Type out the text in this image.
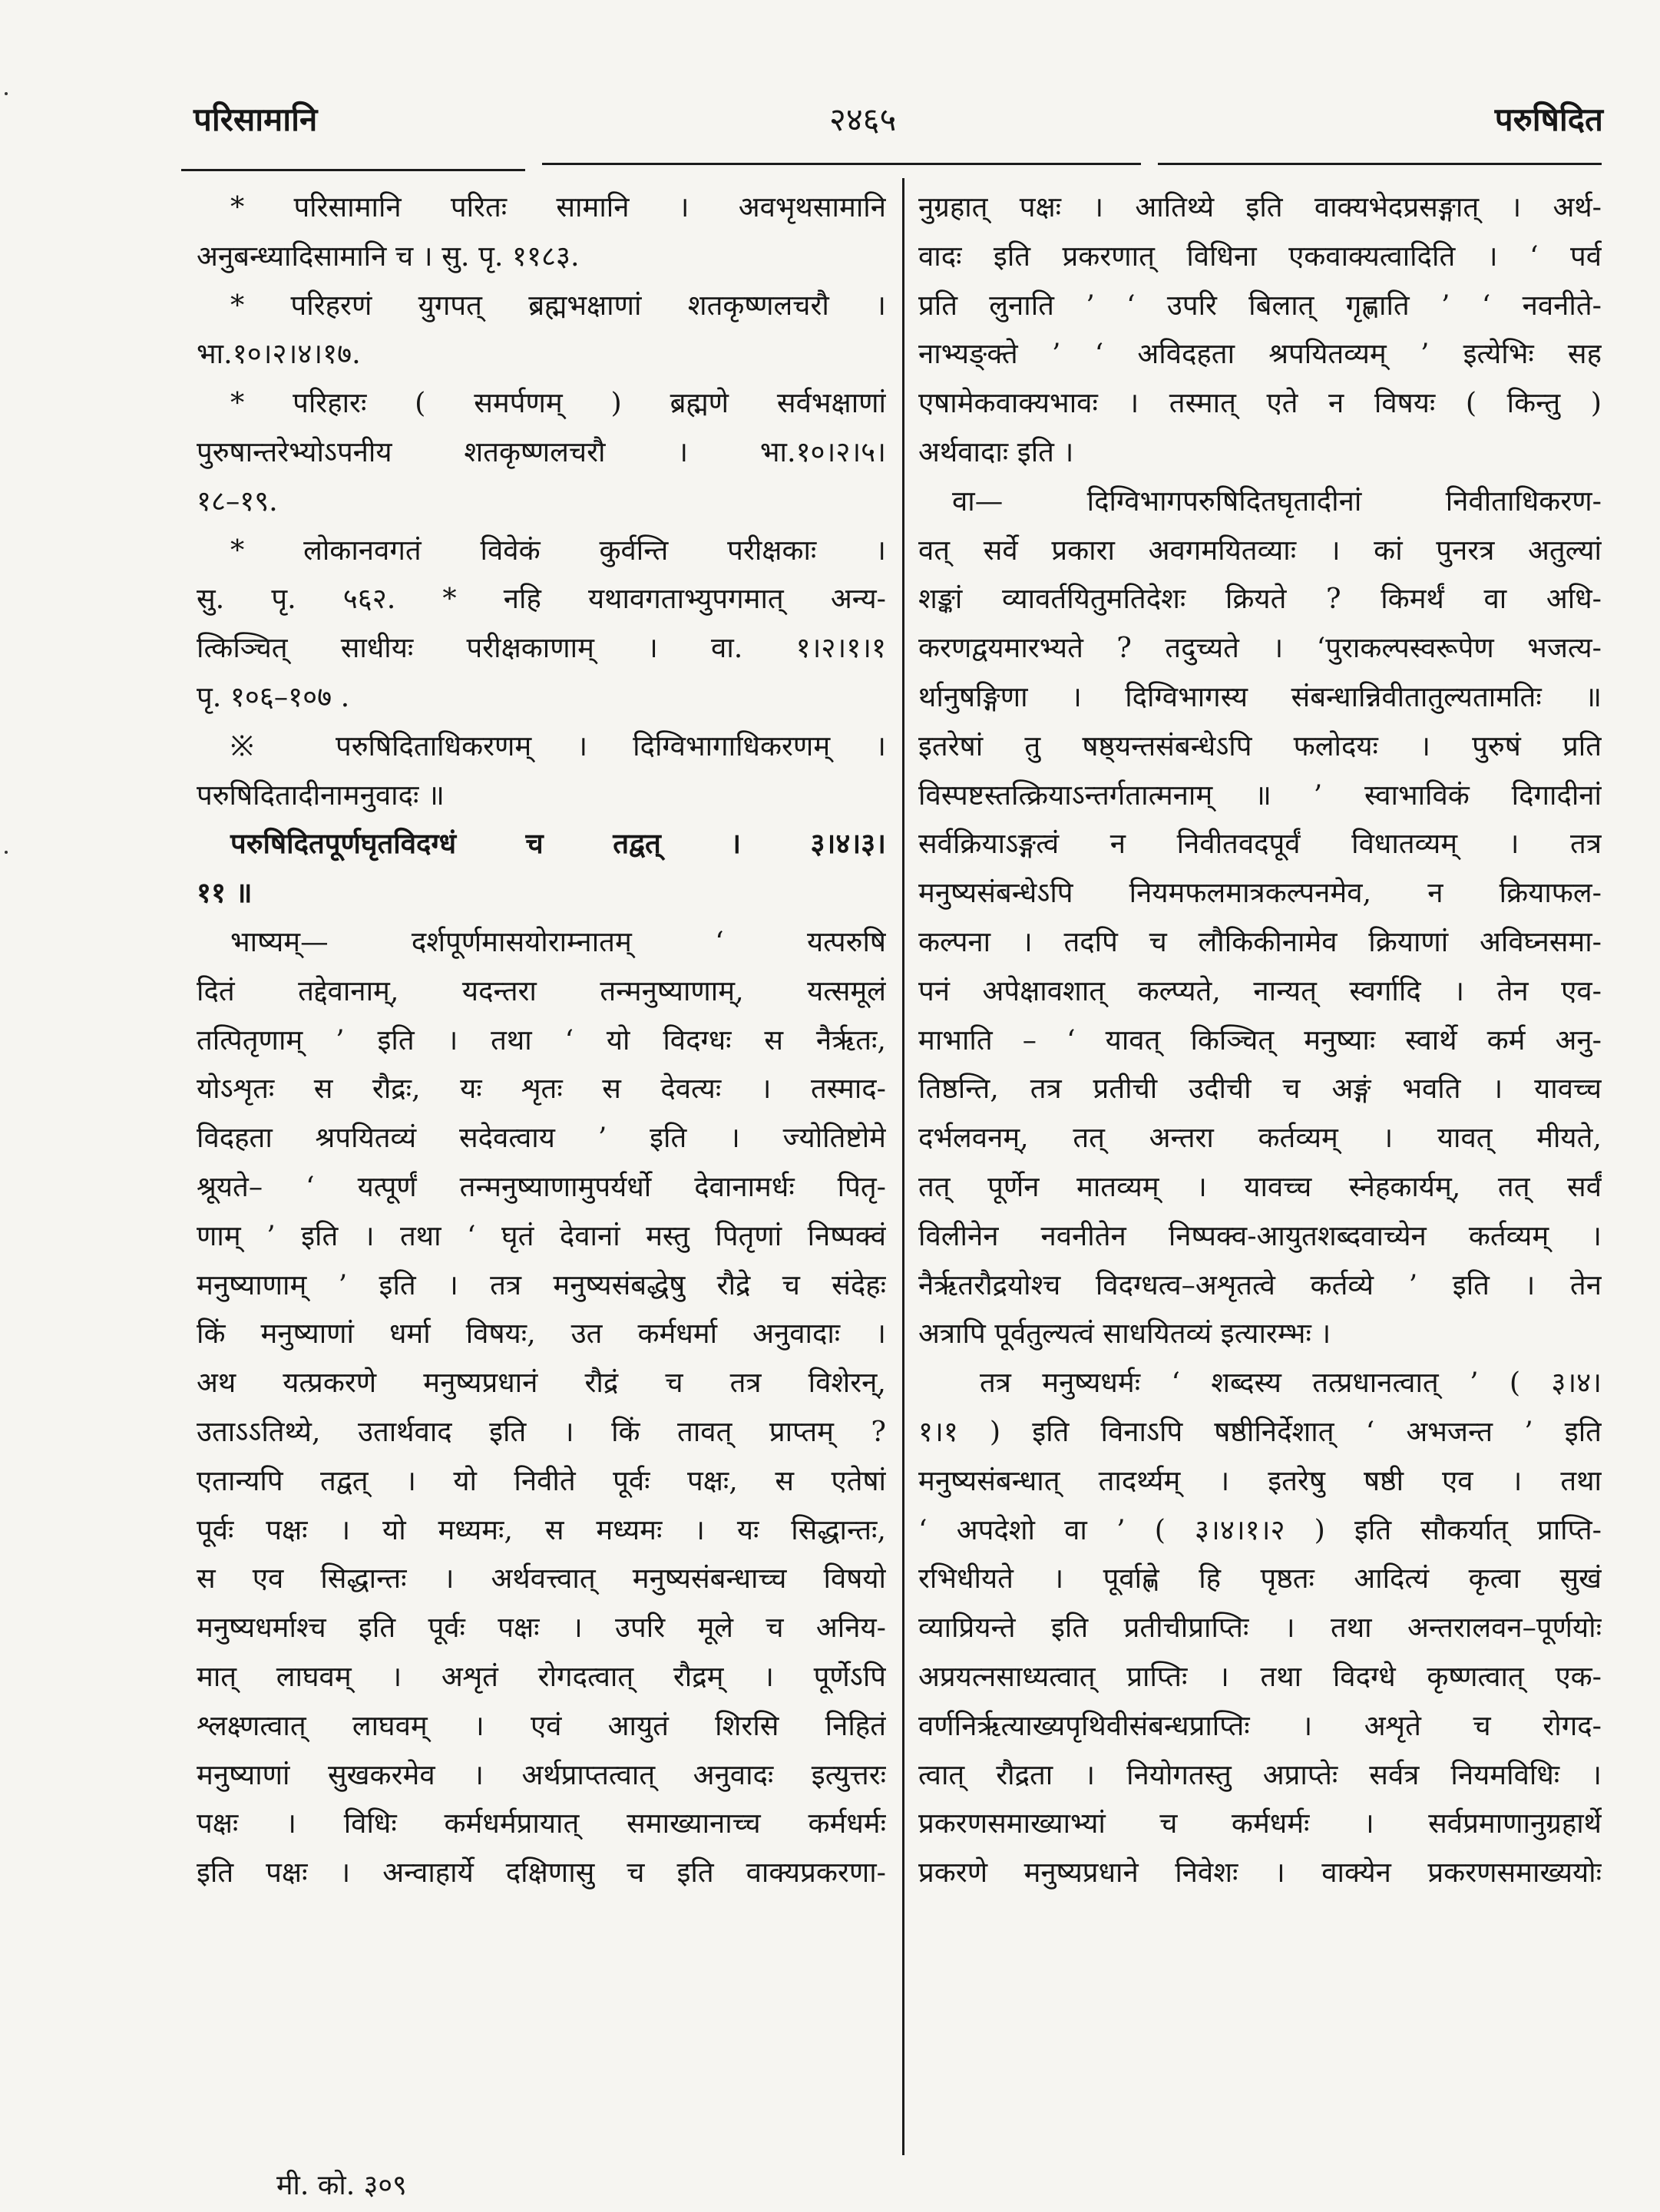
परिसामानि	२४६५	परुषिदित
* परिसामानि परितः सामानि । अवभृथसामानि
अनुबन्ध्यादिसामानि च । सु. पृ. ११८३.
* परिहरणं युगपत् ब्रह्मभक्षाणां शतकृष्णलचरौ ।
भा.१०।२।४।१७.
* परिहारः ( समर्पणम् ) ब्रह्मणे सर्वभक्षाणां
पुरुषान्तरेभ्योऽपनीय शतकृष्णलचरौ । भा.१०।२।५।
१८–१९.
* लोकानवगतं विवेकं कुर्वन्ति परीक्षकाः ।
सु. पृ. ५६२. * नहि यथावगताभ्युपगमात् अन्य-
त्किञ्चित् साधीयः परीक्षकाणाम् । वा. १।२।१।१
पृ. १०६–१०७ .
※ परुषिदिताधिकरणम् । दिग्विभागाधिकरणम् ।
परुषिदितादीनामनुवादः ॥
परुषिदितपूर्णघृतविदग्धं च तद्वत् । ३।४।३।
११ ॥
भाष्यम्— दर्शपूर्णमासयोराम्नातम् ‘ यत्परुषि
दितं तद्देवानाम्, यदन्तरा तन्मनुष्याणाम्, यत्समूलं
तत्पितृणाम् ’ इति । तथा ‘ यो विदग्धः स नैर्ऋतः,
योऽशृतः स रौद्रः, यः शृतः स देवत्यः । तस्माद-
विदहता श्रपयितव्यं सदेवत्वाय ’ इति । ज्योतिष्टोमे
श्रूयते– ‘ यत्पूर्णं तन्मनुष्याणामुपर्यर्धो देवानामर्धः पितृ-
णाम् ’ इति । तथा ‘ घृतं देवानां मस्तु पितृणां निष्पक्वं
मनुष्याणाम् ’ इति । तत्र मनुष्यसंबद्धेषु रौद्रे च संदेहः
किं मनुष्याणां धर्मा विषयः, उत कर्मधर्मा अनुवादाः ।
अथ यत्प्रकरणे मनुष्यप्रधानं रौद्रं च तत्र विशेरन्,
उताऽऽतिथ्ये, उतार्थवाद इति । किं तावत् प्राप्तम् ?
एतान्यपि तद्वत् । यो निवीते पूर्वः पक्षः, स एतेषां
पूर्वः पक्षः । यो मध्यमः, स मध्यमः । यः सिद्धान्तः,
स एव सिद्धान्तः । अर्थवत्त्वात् मनुष्यसंबन्धाच्च विषयो
मनुष्यधर्माश्च इति पूर्वः पक्षः । उपरि मूले च अनिय-
मात् लाघवम् । अशृतं रोगदत्वात् रौद्रम् । पूर्णेऽपि
श्लक्ष्णत्वात् लाघवम् । एवं आयुतं शिरसि निहितं
मनुष्याणां सुखकरमेव । अर्थप्राप्तत्वात् अनुवादः इत्युत्तरः
पक्षः । विधिः कर्मधर्मप्रायात् समाख्यानाच्च कर्मधर्मः
इति पक्षः । अन्वाहार्ये दक्षिणासु च इति वाक्यप्रकरणा-
नुग्रहात् पक्षः । आतिथ्ये इति वाक्यभेदप्रसङ्गात् । अर्थ-
वादः इति प्रकरणात् विधिना एकवाक्यत्वादिति । ‘ पर्व
प्रति लुनाति ’ ‘ उपरि बिलात् गृह्णाति ’ ‘ नवनीते-
नाभ्यङ्क्ते ’ ‘ अविदहता श्रपयितव्यम् ’ इत्येभिः सह
एषामेकवाक्यभावः । तस्मात् एते न विषयः ( किन्तु )
अर्थवादाः इति ।
वा— दिग्विभागपरुषिदितघृतादीनां निवीताधिकरण-
वत् सर्वे प्रकारा अवगमयितव्याः । कां पुनरत्र अतुल्यां
शङ्कां व्यावर्तयितुमतिदेशः क्रियते ? किमर्थं वा अधि-
करणद्वयमारभ्यते ? तदुच्यते । ‘पुराकल्पस्वरूपेण भजत्य-
र्थानुषङ्गिणा । दिग्विभागस्य संबन्धान्निवीतातुल्यतामतिः ॥
इतरेषां तु षष्ठ्यन्तसंबन्धेऽपि फलोदयः । पुरुषं प्रति
विस्पष्टस्तत्क्रियाऽन्तर्गतात्मनाम् ॥ ’ स्वाभाविकं दिगादीनां
सर्वक्रियाऽङ्गत्वं न निवीतवदपूर्वं विधातव्यम् । तत्र
मनुष्यसंबन्धेऽपि नियमफलमात्रकल्पनमेव, न क्रियाफल-
कल्पना । तदपि च लौकिकीनामेव क्रियाणां अविघ्नसमा-
पनं अपेक्षावशात् कल्प्यते, नान्यत् स्वर्गादि । तेन एव-
माभाति – ‘ यावत् किञ्चित् मनुष्याः स्वार्थे कर्म अनु-
तिष्ठन्ति, तत्र प्रतीची उदीची च अङ्गं भवति । यावच्च
दर्भलवनम्, तत् अन्तरा कर्तव्यम् । यावत् मीयते,
तत् पूर्णेन मातव्यम् । यावच्च स्नेहकार्यम्, तत् सर्वं
विलीनेन नवनीतेन निष्पक्व-आयुतशब्दवाच्येन कर्तव्यम् ।
नैर्ऋतरौद्रयोश्च विदग्धत्व–अशृतत्वे कर्तव्ये ’ इति । तेन
अत्रापि पूर्वतुल्यत्वं साधयितव्यं इत्यारम्भः ।
तत्र मनुष्यधर्मः ‘ शब्दस्य तत्प्रधानत्वात् ’ ( ३।४।
१।१ ) इति विनाऽपि षष्ठीनिर्देशात् ‘ अभजन्त ’ इति
मनुष्यसंबन्धात् तादर्थ्यम् । इतरेषु षष्ठी एव । तथा
‘ अपदेशो वा ’ ( ३।४।१।२ ) इति सौकर्यात् प्राप्ति-
रभिधीयते । पूर्वाह्णे हि पृष्ठतः आदित्यं कृत्वा सुखं
व्याप्रियन्ते इति प्रतीचीप्राप्तिः । तथा अन्तरालवन–पूर्णयोः
अप्रयत्नसाध्यत्वात् प्राप्तिः । तथा विदग्धे कृष्णत्वात् एक-
वर्णनिर्ऋत्याख्यपृथिवीसंबन्धप्राप्तिः । अशृते च रोगद-
त्वात् रौद्रता । नियोगतस्तु अप्राप्तेः सर्वत्र नियमविधिः ।
प्रकरणसमाख्याभ्यां च कर्मधर्मः । सर्वप्रमाणानुग्रहार्थे
प्रकरणे मनुष्यप्रधाने निवेशः । वाक्येन प्रकरणसमाख्ययोः
मी. को. ३०९
